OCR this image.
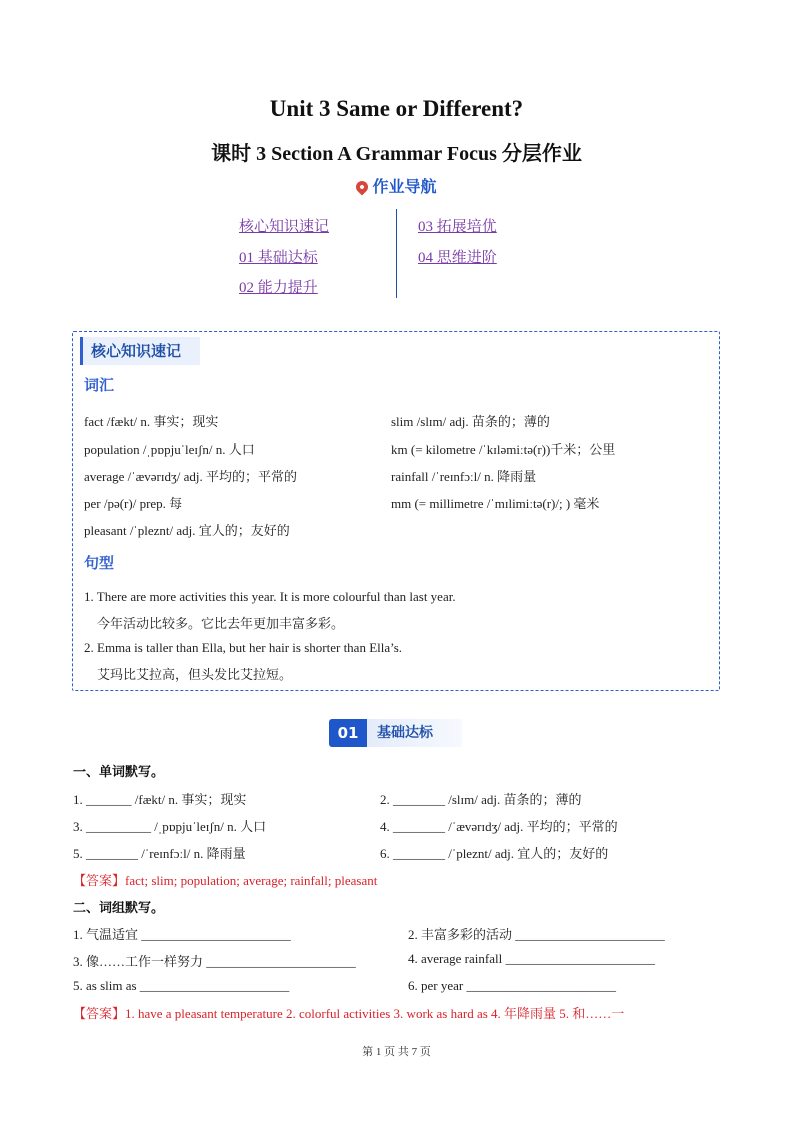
Unit 3 Same or Different?
课时 3 Section A Grammar Focus 分层作业
作业导航
核心知识速记
01 基础达标
02 能力提升
03 拓展培优
04 思维进阶
核心知识速记
词汇
fact /fækt/ n. 事实；现实	slim /slɪm/ adj. 苗条的；薄的
population /ˌpɒpjuˈleɪʃn/ n. 人口	km (= kilometre /ˈkɪləmiːtə(r))千米；公里
average /ˈævərɪdʒ/ adj. 平均的；平常的	rainfall /ˈreɪnfɔːl/ n. 降雨量
per /pə(r)/ prep. 每	mm (= millimetre /ˈmɪlimiːtə(r)/; ) 毫米
pleasant /ˈpleznt/ adj. 宜人的；友好的
句型
1. There are more activities this year. It is more colourful than last year.
今年活动比较多。它比去年更加丰富多彩。
2. Emma is taller than Ella, but her hair is shorter than Ella’s.
艾玛比艾拉高，但头发比艾拉短。
01	基础达标
一、单词默写。
1. _______ /fækt/ n. 事实；现实	2. ________ /slɪm/ adj. 苗条的；薄的
3. __________ /ˌpɒpjuˈleɪʃn/ n. 人口	4. ________ /ˈævərɪdʒ/ adj. 平均的；平常的
5. ________ /ˈreɪnfɔːl/ n. 降雨量	6. ________ /ˈpleznt/ adj. 宜人的；友好的
【答案】fact; slim; population; average; rainfall; pleasant
二、词组默写。
1. 气温适宜 _______________________	2. 丰富多彩的活动 _______________________
3. 像……工作一样努力 _______________________	4. average rainfall _______________________
5. as slim as _______________________	6. per year _______________________
【答案】1. have a pleasant temperature 2. colorful activities 3. work as hard as 4. 年降雨量 5. 和……一
第 1 页 共 7 页
